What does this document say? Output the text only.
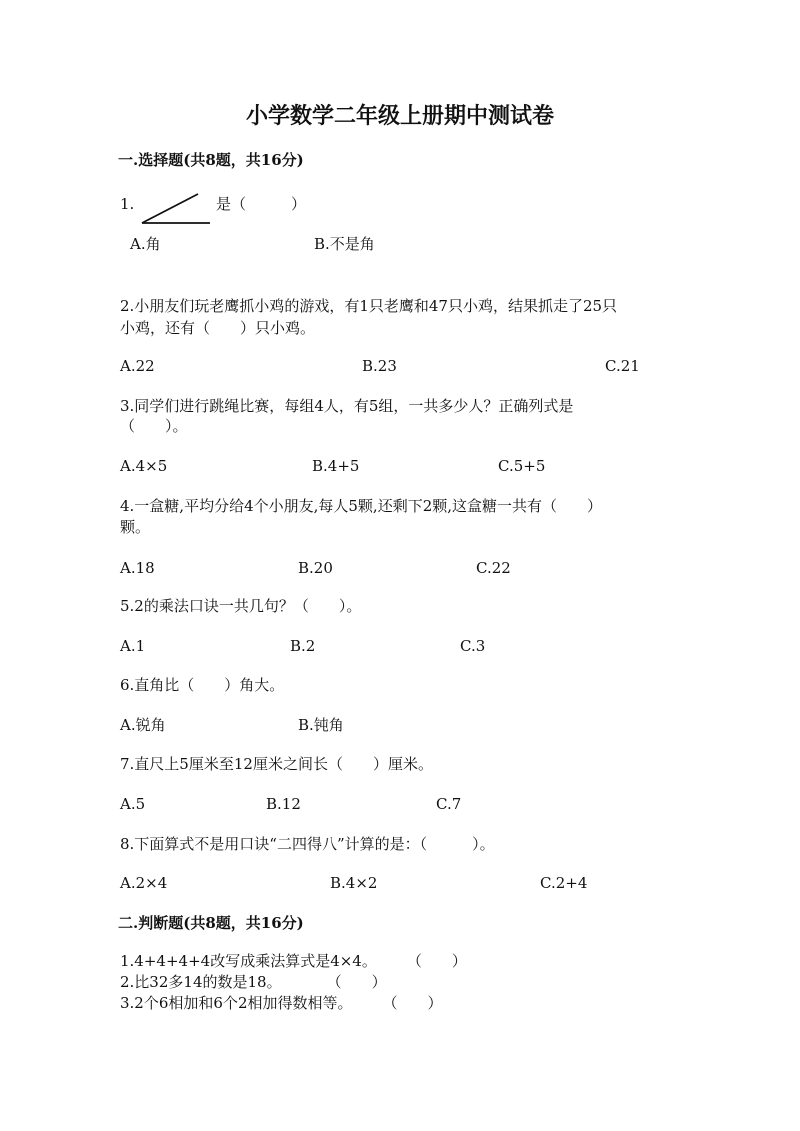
小学数学二年级上册期中测试卷
一.选择题(共8题，共16分)
1.	是（　　　）
A.角	B.不是角
2.小朋友们玩老鹰抓小鸡的游戏，有1只老鹰和47只小鸡，结果抓走了25只
小鸡，还有（　　）只小鸡。
A.22	B.23	C.21
3.同学们进行跳绳比赛，每组4人，有5组，一共多少人？正确列式是
（　　）。
A.4×5	B.4+5	C.5+5
4.一盒糖,平均分给4个小朋友,每人5颗,还剩下2颗,这盒糖一共有（　　）
颗。
A.18	B.20	C.22
5.2的乘法口诀一共几句？（　　）。
A.1	B.2	C.3
6.直角比（　　）角大。
A.锐角	B.钝角
7.直尺上5厘米至12厘米之间长（　　）厘米。
A.5	B.12	C.7
8.下面算式不是用口诀“二四得八”计算的是：（　　　）。
A.2×4	B.4×2	C.2+4
二.判断题(共8题，共16分)
1.4+4+4+4改写成乘法算式是4×4。　　　（　　）
2.比32多14的数是18。　　　　（　　）
3.2个6相加和6个2相加得数相等。　　　（　　）
